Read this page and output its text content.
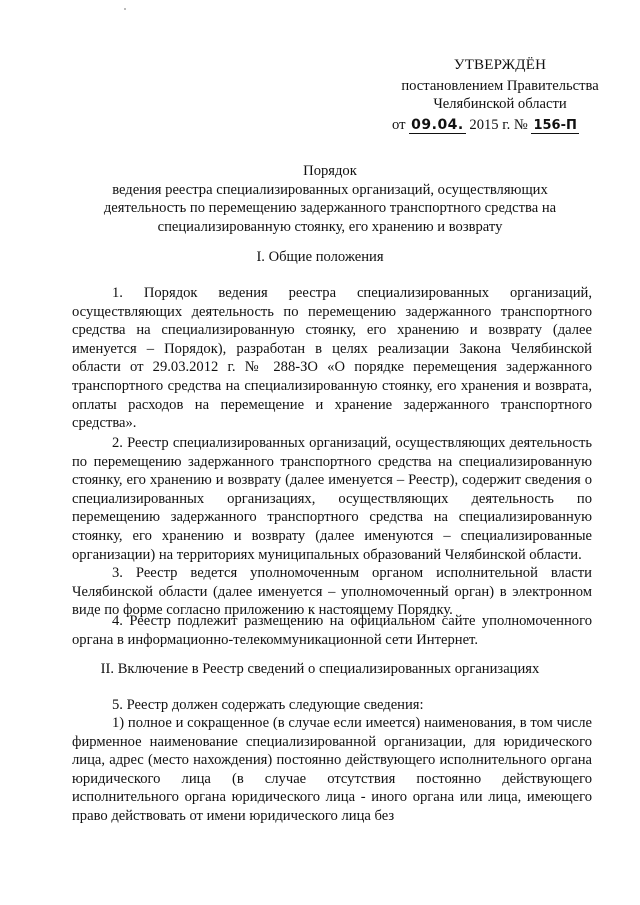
УТВЕРЖДЁН

постановлением Правительства

Челябинской области

от 09.04. 2015 г. № 156-П

Порядок

ведения реестра специализированных организаций, осуществляющих

деятельность по перемещению задержанного транспортного средства на

специализированную стоянку, его хранению и возврату

I. Общие положения

1. Порядок ведения реестра специализированных организаций, осуществляющих деятельность по перемещению задержанного транспортного средства на специализированную стоянку, его хранению и возврату (далее именуется – Порядок), разработан в целях реализации Закона Челябинской области от 29.03.2012 г. № 288-ЗО «О порядке перемещения задержанного транспортного средства на специализированную стоянку, его хранения и возврата, оплаты расходов на перемещение и хранение задержанного транспортного средства».

2. Реестр специализированных организаций, осуществляющих деятельность по перемещению задержанного транспортного средства на специализированную стоянку, его хранению и возврату (далее именуется – Реестр), содержит сведения о специализированных организациях, осуществляющих деятельность по перемещению задержанного транспортного средства на специализированную стоянку, его хранению и возврату (далее именуются – специализированные организации) на территориях муниципальных образований Челябинской области.

3. Реестр ведется уполномоченным органом исполнительной власти Челябинской области (далее именуется – уполномоченный орган) в электронном виде по форме согласно приложению к настоящему Порядку.

4. Реестр подлежит размещению на официальном сайте уполномоченного органа в информационно-телекоммуникационной сети Интернет.

II. Включение в Реестр сведений о специализированных организациях

5. Реестр должен содержать следующие сведения:

1) полное и сокращенное (в случае если имеется) наименования, в том числе фирменное наименование специализированной организации, для юридического лица, адрес (место нахождения) постоянно действующего исполнительного органа юридического лица (в случае отсутствия постоянно действующего исполнительного органа юридического лица - иного органа или лица, имеющего право действовать от имени юридического лица без
